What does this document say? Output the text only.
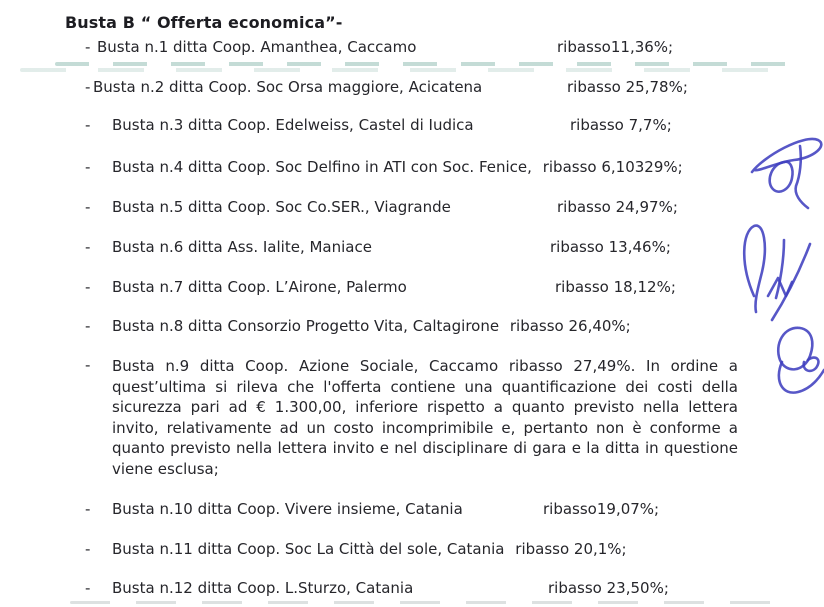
Busta B “ Offerta economica”-
- Busta n.1 ditta Coop. Amanthea, Caccamo	ribasso11,36%;
- Busta n.2 ditta Coop. Soc Orsa maggiore, Acicatena	ribasso 25,78%;
- Busta n.3 ditta Coop. Edelweiss, Castel di Iudica	ribasso 7,7%;
- Busta n.4 ditta Coop. Soc Delfino in ATI con Soc. Fenice, ribasso 6,10329%;
- Busta n.5 ditta Coop. Soc Co.SER., Viagrande	ribasso 24,97%;
- Busta n.6 ditta Ass. Ialite, Maniace	ribasso 13,46%;
- Busta n.7 ditta Coop. L’Airone, Palermo	ribasso 18,12%;
- Busta n.8 ditta Consorzio Progetto Vita, Caltagirone ribasso 26,40%;
-	Busta n.9 ditta Coop. Azione Sociale, Caccamo ribasso 27,49%. In ordine a quest’ultima si rileva che l'offerta contiene una quantificazione dei costi della sicurezza pari ad € 1.300,00, inferiore rispetto a quanto previsto nella lettera invito, relativamente ad un costo incomprimibile e, pertanto non è conforme a quanto previsto nella lettera invito e nel disciplinare di gara e la ditta in questione viene esclusa;
- Busta n.10 ditta Coop. Vivere insieme, Catania	ribasso19,07%;
- Busta n.11 ditta Coop. Soc La Città del sole, Catania ribasso 20,1%;
- Busta n.12 ditta Coop. L.Sturzo, Catania	ribasso 23,50%;
